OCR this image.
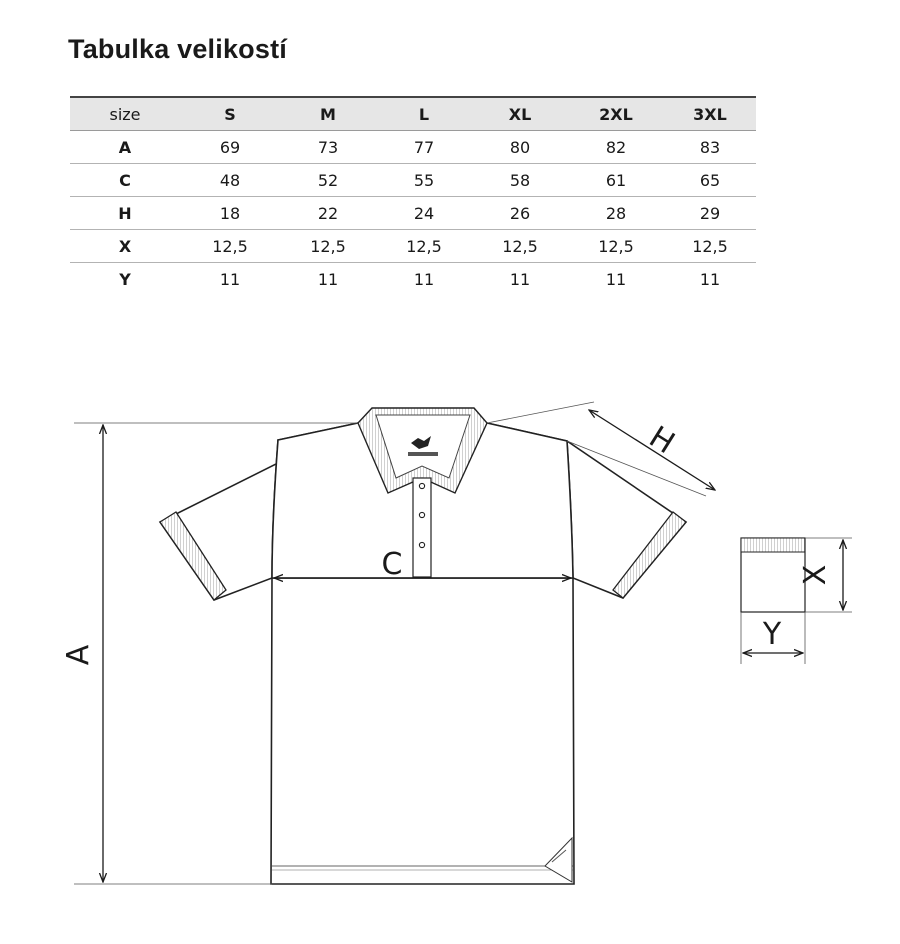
Tabulka velikostí
size	S	M	L	XL	2XL	3XL
A	69	73	77	80	82	83
C	48	52	55	58	61	65
H	18	22	24	26	28	29
X	12,5	12,5	12,5	12,5	12,5	12,5
Y	11	11	11	11	11	11
A
C
H
X
Y
